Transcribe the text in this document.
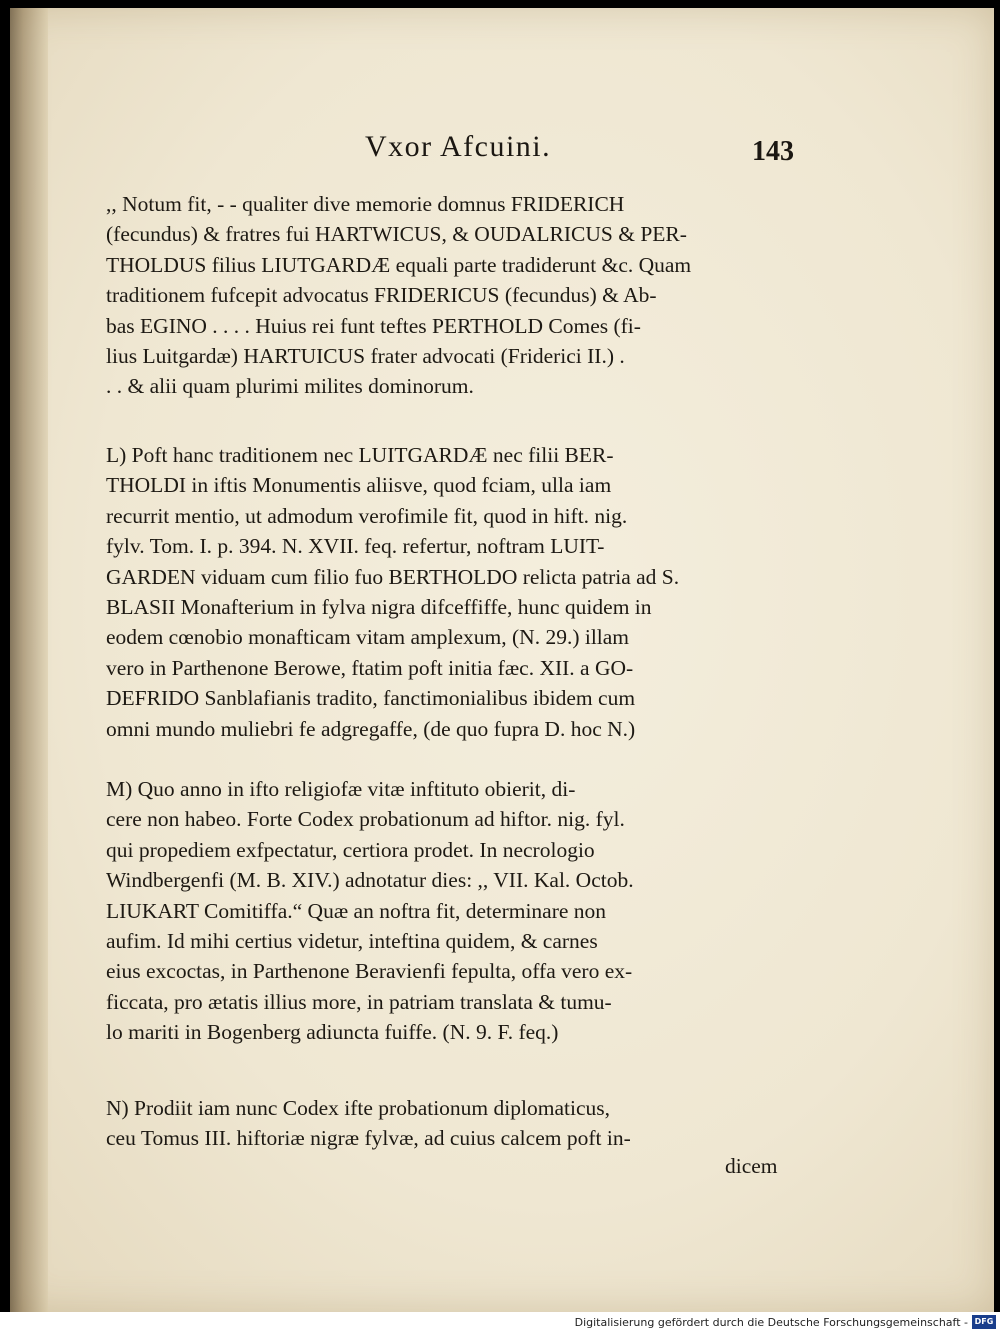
Vxor Afcuini.	143
,, Notum fit, - - qualiter dive memorie domnus FRIDERICH
(fecundus) & fratres fui HARTWICUS, & OUDALRICUS & PER-
THOLDUS filius LIUTGARDÆ equali parte tradiderunt &c. Quam
traditionem fufcepit advocatus FRIDERICUS (fecundus) & Ab-
bas EGINO . . . . Huius rei funt teftes PERTHOLD Comes (fi-
lius Luitgardæ) HARTUICUS frater advocati (Friderici II.) .
. . & alii quam plurimi milites dominorum.
L) Poft hanc traditionem nec LUITGARDÆ nec filii BER-
THOLDI in iftis Monumentis aliisve, quod fciam, ulla iam
recurrit mentio, ut admodum verofimile fit, quod in hift. nig.
fylv. Tom. I. p. 394. N. XVII. feq. refertur, noftram LUIT-
GARDEN viduam cum filio fuo BERTHOLDO relicta patria ad S.
BLASII Monafterium in fylva nigra difceffiffe, hunc quidem in
eodem cœnobio monafticam vitam amplexum, (N. 29.) illam
vero in Parthenone Berowe, ftatim poft initia fæc. XII. a GO-
DEFRIDO Sanblafianis tradito, fanctimonialibus ibidem cum
omni mundo muliebri fe adgregaffe, (de quo fupra D. hoc N.)
M) Quo anno in ifto religiofæ vitæ inftituto obierit, di-
cere non habeo. Forte Codex probationum ad hiftor. nig. fyl.
qui propediem exfpectatur, certiora prodet. In necrologio
Windbergenfi (M. B. XIV.) adnotatur dies: ,, VII. Kal. Octob.
LIUKART Comitiffa.“ Quæ an noftra fit, determinare non
aufim. Id mihi certius videtur, inteftina quidem, & carnes
eius excoctas, in Parthenone Beravienfi fepulta, offa vero ex-
ficcata, pro ætatis illius more, in patriam translata & tumu-
lo mariti in Bogenberg adiuncta fuiffe. (N. 9. F. feq.)
N) Prodiit iam nunc Codex ifte probationum diplomaticus,
ceu Tomus III. hiftoriæ nigræ fylvæ, ad cuius calcem poft in-
dicem
Digitalisierung gefördert durch die Deutsche Forschungsgemeinschaft - DFG
